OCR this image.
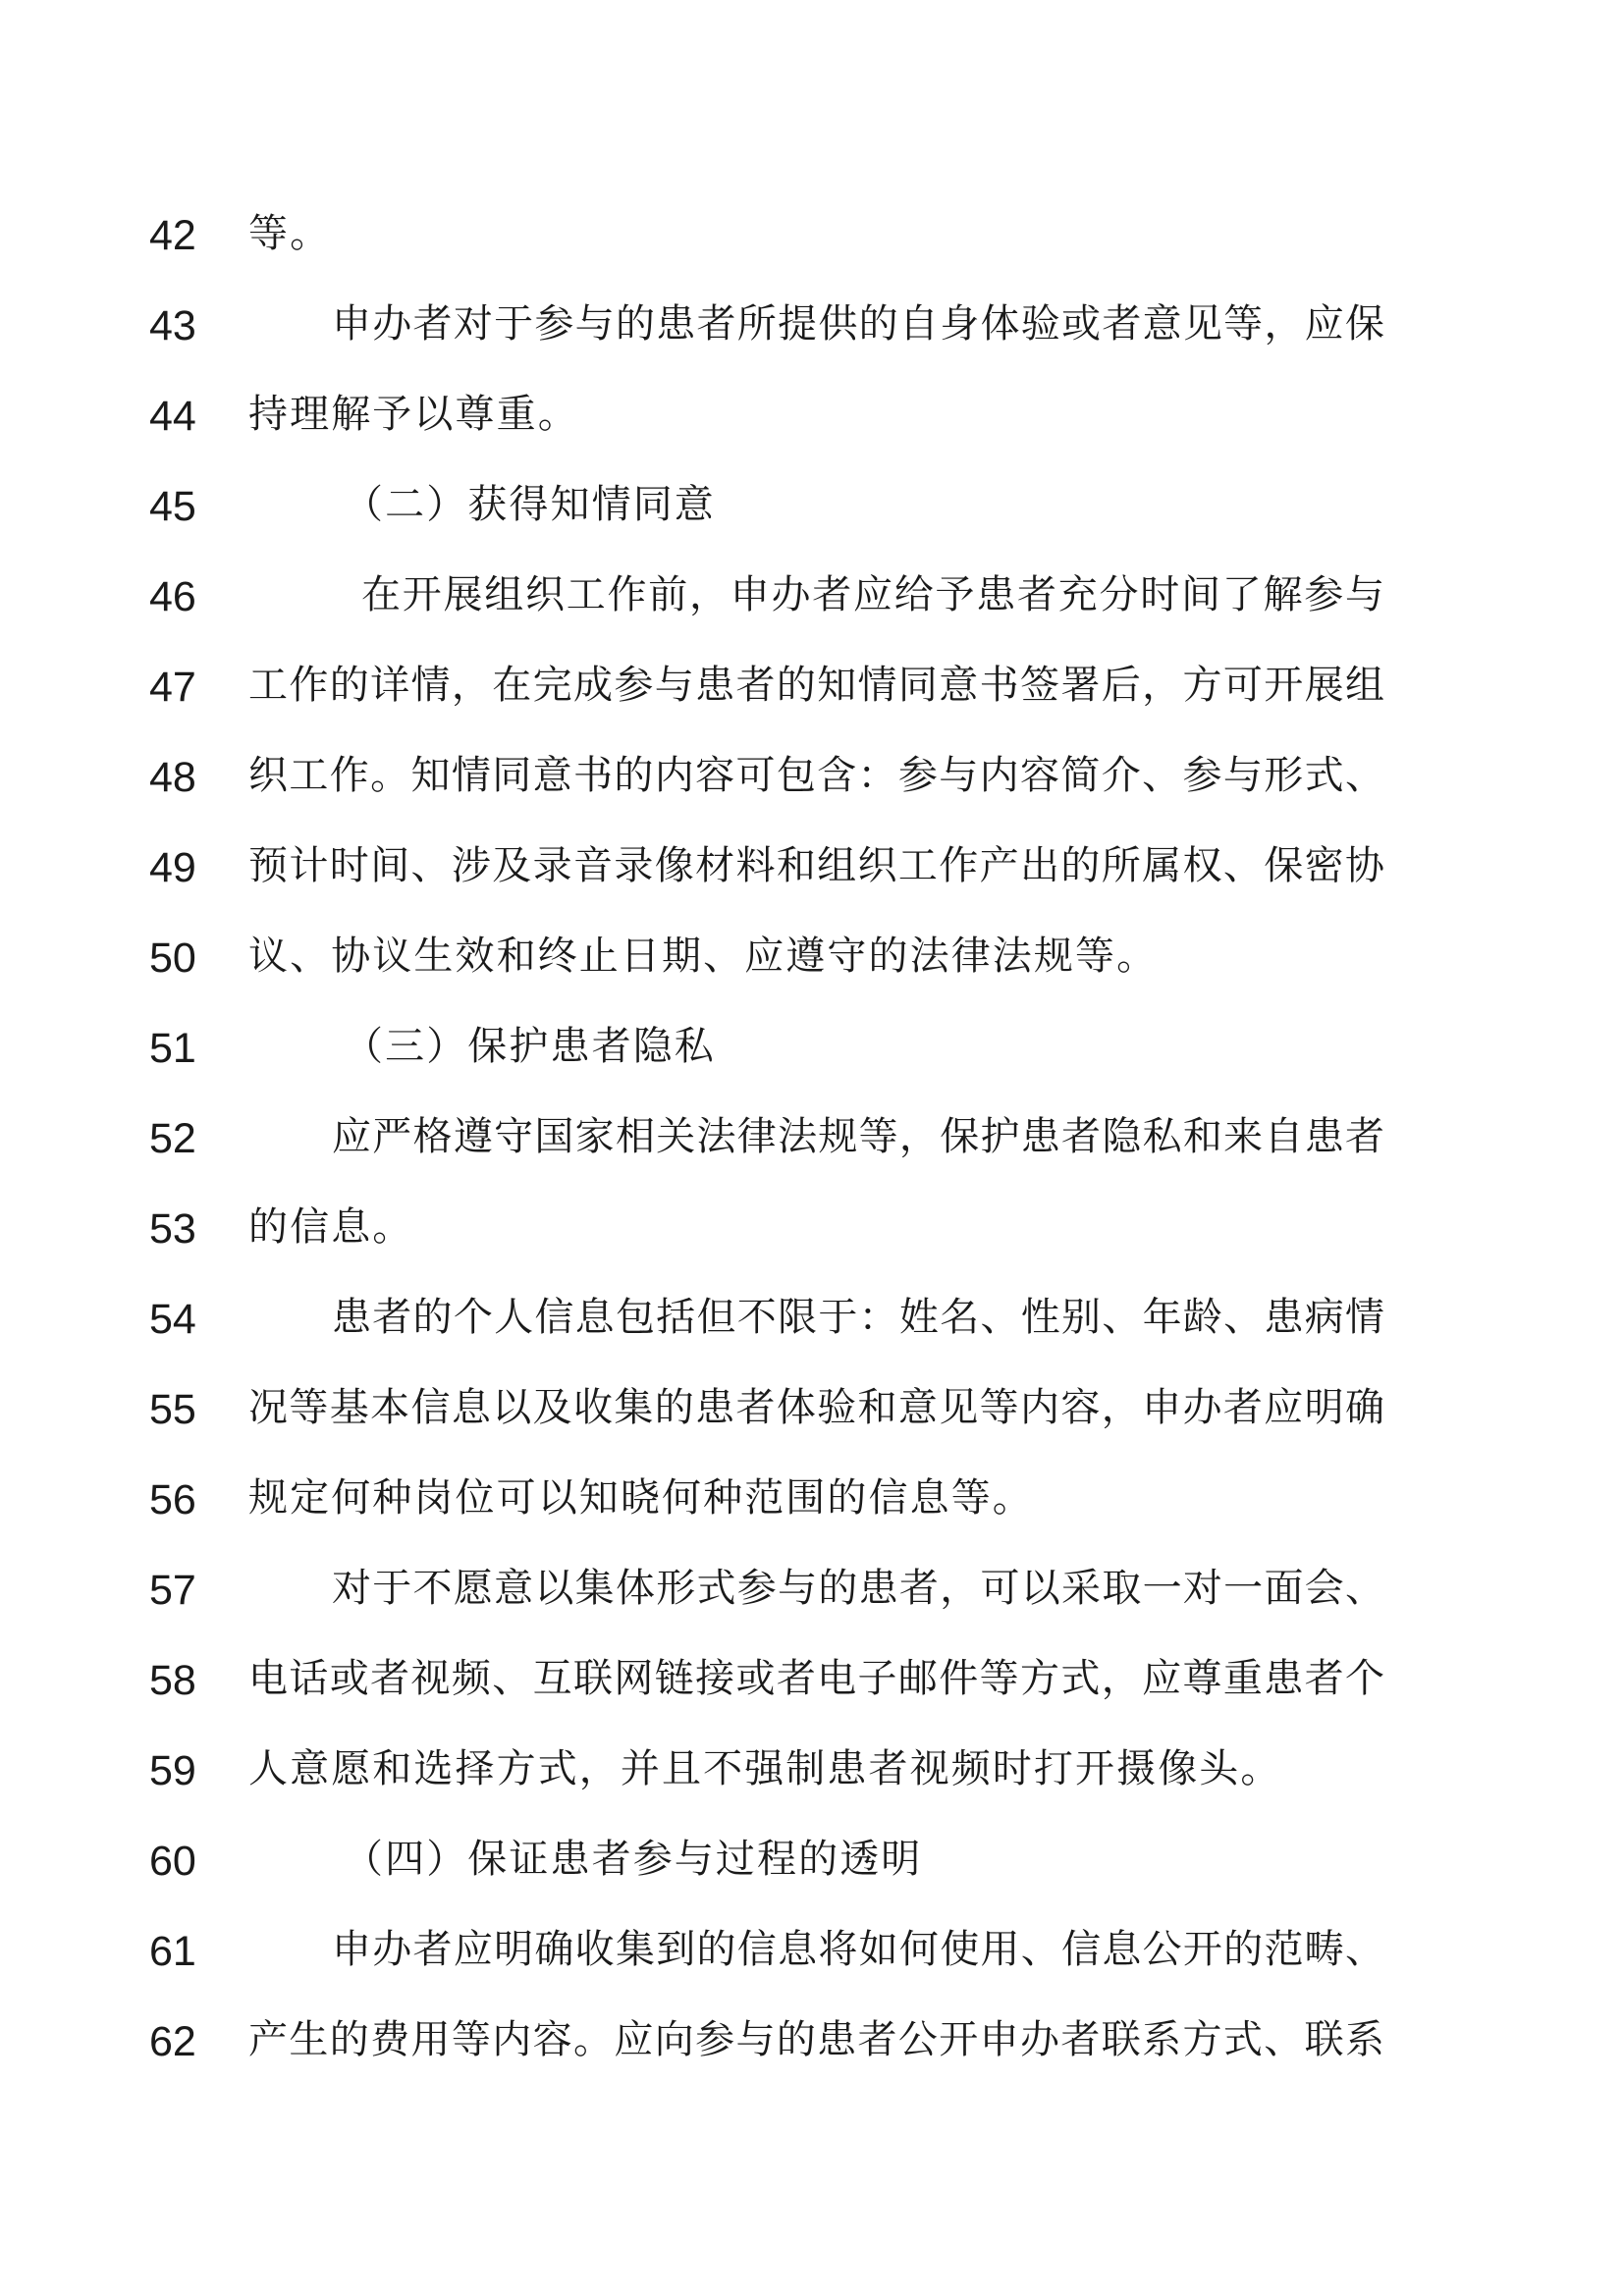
42 等。
43	申办者对于参与的患者所提供的自身体验或者意见等，应保
44 持理解予以尊重。
45	（二）获得知情同意
46	在开展组织工作前，申办者应给予患者充分时间了解参与
47 工作的详情，在完成参与患者的知情同意书签署后，方可开展组
48 织工作。知情同意书的内容可包含：参与内容简介、参与形式、
49 预计时间、涉及录音录像材料和组织工作产出的所属权、保密协
50 议、协议生效和终止日期、应遵守的法律法规等。
51	（三）保护患者隐私
52	应严格遵守国家相关法律法规等，保护患者隐私和来自患者
53 的信息。
54	患者的个人信息包括但不限于：姓名、性别、年龄、患病情
55 况等基本信息以及收集的患者体验和意见等内容，申办者应明确
56 规定何种岗位可以知晓何种范围的信息等。
57	对于不愿意以集体形式参与的患者，可以采取一对一面会、
58 电话或者视频、互联网链接或者电子邮件等方式，应尊重患者个
59 人意愿和选择方式，并且不强制患者视频时打开摄像头。
60	（四）保证患者参与过程的透明
61	申办者应明确收集到的信息将如何使用、信息公开的范畴、
62 产生的费用等内容。应向参与的患者公开申办者联系方式、联系
